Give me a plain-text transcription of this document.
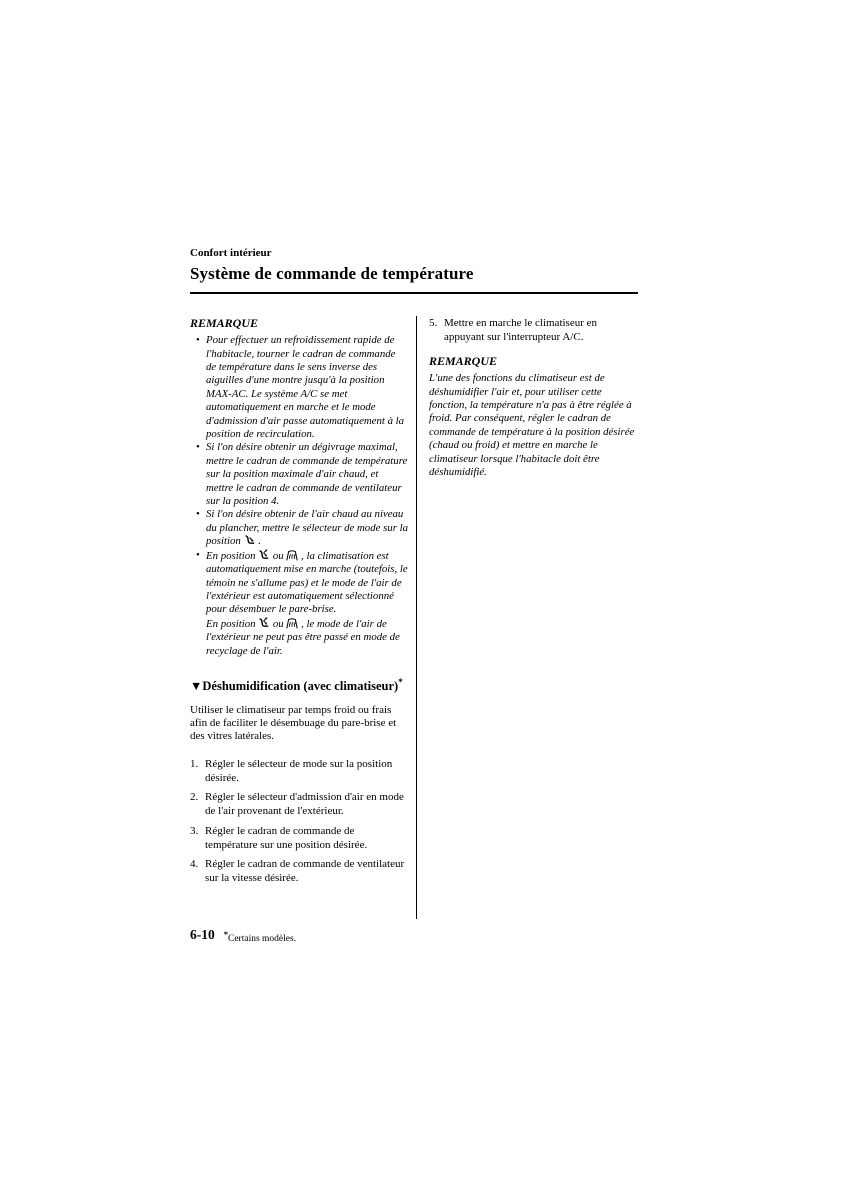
Confort intérieur
Système de commande de température

REMARQUE

• Pour effectuer un refroidissement rapide de l'habitacle, tourner le cadran de commande de température dans le sens inverse des aiguilles d'une montre jusqu'à la position MAX-AC. Le système A/C se met automatiquement en marche et le mode d'admission d'air passe automatiquement à la position de recirculation.
• Si l'on désire obtenir un dégivrage maximal, mettre le cadran de commande de température sur la position maximale d'air chaud, et mettre le cadran de commande de ventilateur sur la position 4.
• Si l'on désire obtenir de l'air chaud au niveau du plancher, mettre le sélecteur de mode sur la position  .
• En position  ou  , la climatisation est automatiquement mise en marche (toutefois, le témoin ne s'allume pas) et le mode de l'air de l'extérieur est automatiquement sélectionné pour désembuer le pare-brise.
En position  ou  , le mode de l'air de l'extérieur ne peut pas être passé en mode de recyclage de l'air.
▼Déshumidification (avec climatiseur)*

Utiliser le climatiseur par temps froid ou frais afin de faciliter le désembuage du pare-brise et des vitres latérales.

1. Régler le sélecteur de mode sur la position désirée.
2. Régler le sélecteur d'admission d'air en mode de l'air provenant de l'extérieur.
3. Régler le cadran de commande de température sur une position désirée.
4. Régler le cadran de commande de ventilateur sur la vitesse désirée.
5. Mettre en marche le climatiseur en appuyant sur l'interrupteur A/C.

REMARQUE

L'une des fonctions du climatiseur est de déshumidifier l'air et, pour utiliser cette fonction, la température n'a pas à être réglée à froid. Par conséquent, régler le cadran de commande de température à la position désirée (chaud ou froid) et mettre en marche le climatiseur lorsque l'habitacle doit être déshumidifié.

6-10 *Certains modèles.
